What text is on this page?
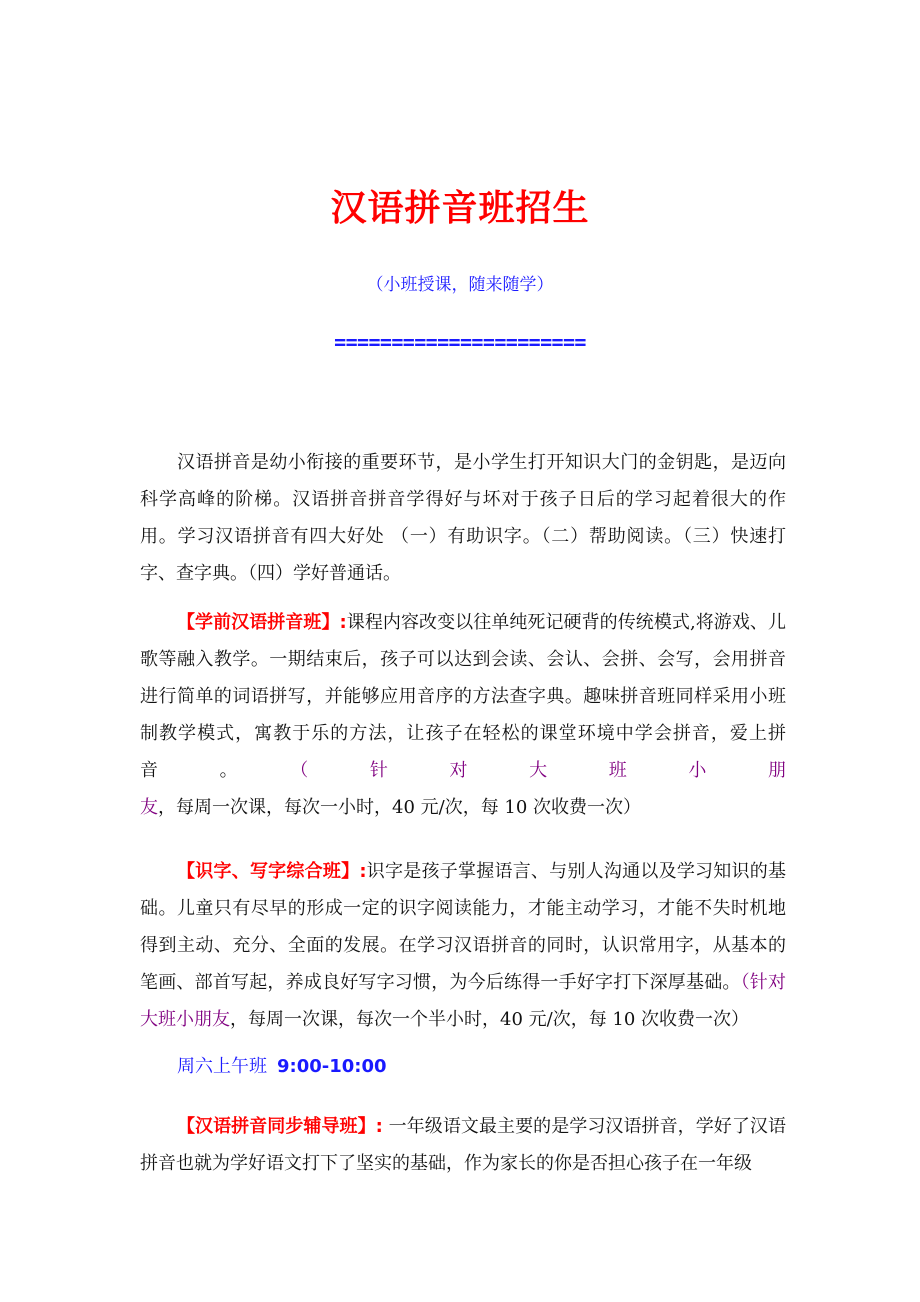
汉语拼音班招生
（小班授课，随来随学）
======================
汉语拼音是幼小衔接的重要环节，是小学生打开知识大门的金钥匙，是迈向科学高峰的阶梯。汉语拼音拼音学得好与坏对于孩子日后的学习起着很大的作用。学习汉语拼音有四大好处 （一）有助识字。（二）帮助阅读。（三）快速打字、查字典。（四）学好普通话。
【学前汉语拼音班】:课程内容改变以往单纯死记硬背的传统模式,将游戏、儿歌等融入教学。一期结束后，孩子可以达到会读、会认、会拼、会写，会用拼音进行简单的词语拼写，并能够应用音序的方法查字典。趣味拼音班同样采用小班制教学模式，寓教于乐的方法，让孩子在轻松的课堂环境中学会拼音，爱上拼音。（针对大班小朋友，每周一次课，每次一小时，40 元/次，每 10 次收费一次）
【识字、写字综合班】:识字是孩子掌握语言、与别人沟通以及学习知识的基础。儿童只有尽早的形成一定的识字阅读能力，才能主动学习，才能不失时机地得到主动、充分、全面的发展。在学习汉语拼音的同时，认识常用字，从基本的笔画、部首写起，养成良好写字习惯，为今后练得一手好字打下深厚基础。（针对大班小朋友，每周一次课，每次一个半小时，40 元/次，每 10 次收费一次）
周六上午班 9:00-10:00
【汉语拼音同步辅导班】: 一年级语文最主要的是学习汉语拼音，学好了汉语拼音也就为学好语文打下了坚实的基础，作为家长的你是否担心孩子在一年级
